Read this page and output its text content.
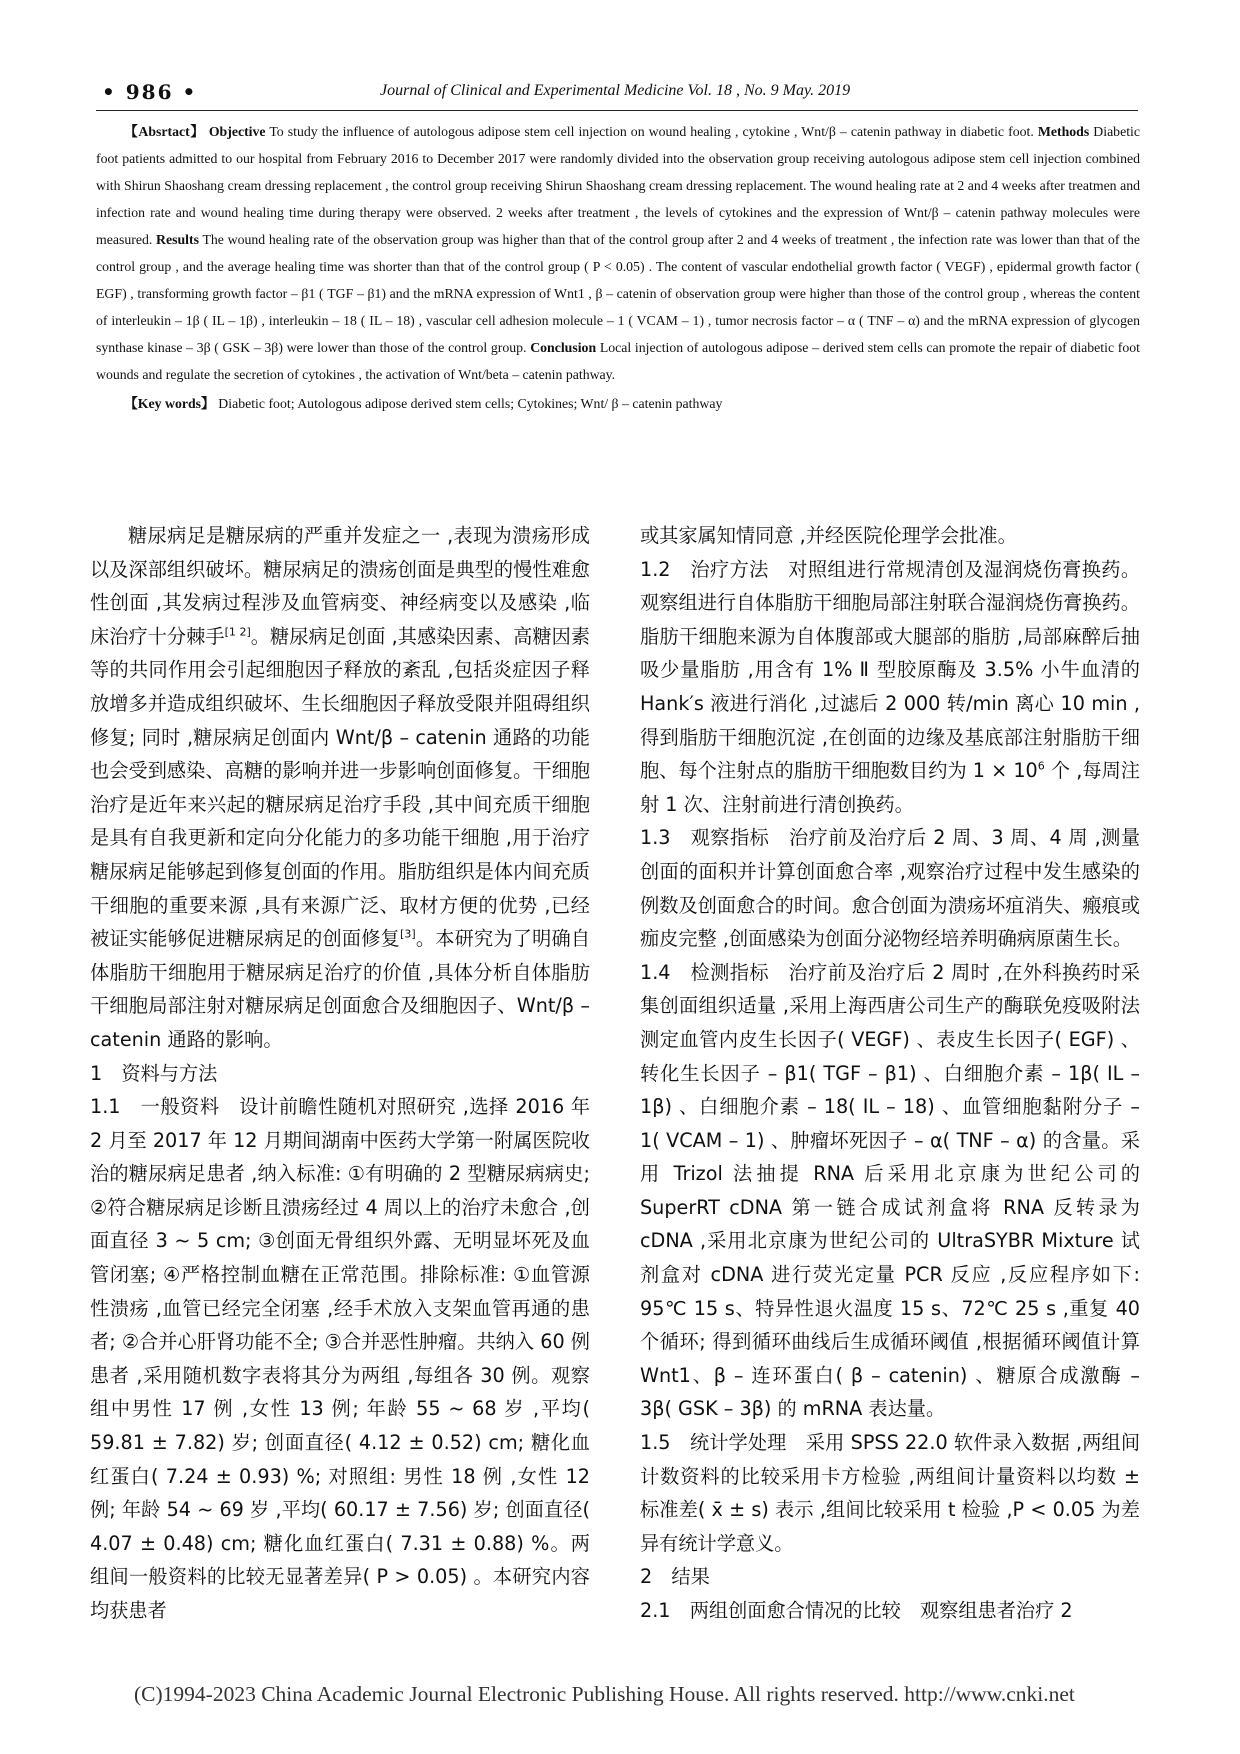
• 986 •	Journal of Clinical and Experimental Medicine Vol. 18 , No. 9 May. 2019

【Absrtact】 Objective To study the influence of autologous adipose stem cell injection on wound healing , cytokine , Wnt/β – catenin pathway in diabetic foot. Methods Diabetic foot patients admitted to our hospital from February 2016 to December 2017 were randomly divided into the observation group receiving autologous adipose stem cell injection combined with Shirun Shaoshang cream dressing replacement , the control group receiving Shirun Shaoshang cream dressing replacement. The wound healing rate at 2 and 4 weeks after treatmen and infection rate and wound healing time during therapy were observed. 2 weeks after treatment , the levels of cytokines and the expression of Wnt/β – catenin pathway molecules were measured. Results The wound healing rate of the observation group was higher than that of the control group after 2 and 4 weeks of treatment , the infection rate was lower than that of the control group , and the average healing time was shorter than that of the control group ( P < 0.05) . The content of vascular endothelial growth factor ( VEGF) , epidermal growth factor ( EGF) , transforming growth factor – β1 ( TGF – β1) and the mRNA expression of Wnt1 , β – catenin of observation group were higher than those of the control group , whereas the content of interleukin – 1β ( IL – 1β) , interleukin – 18 ( IL – 18) , vascular cell adhesion molecule – 1 ( VCAM – 1) , tumor necrosis factor – α ( TNF – α) and the mRNA expression of glycogen synthase kinase – 3β ( GSK – 3β) were lower than those of the control group. Conclusion Local injection of autologous adipose – derived stem cells can promote the repair of diabetic foot wounds and regulate the secretion of cytokines , the activation of Wnt/beta – catenin pathway.

【Key words】 Diabetic foot; Autologous adipose derived stem cells; Cytokines; Wnt/ β – catenin pathway

糖尿病足是糖尿病的严重并发症之一 ,表现为溃疡形成以及深部组织破坏。糖尿病足的溃疡创面是典型的慢性难愈性创面 ,其发病过程涉及血管病变、神经病变以及感染 ,临床治疗十分棘手[1 2]。糖尿病足创面 ,其感染因素、高糖因素等的共同作用会引起细胞因子释放的紊乱 ,包括炎症因子释放增多并造成组织破坏、生长细胞因子释放受限并阻碍组织修复; 同时 ,糖尿病足创面内 Wnt/β – catenin 通路的功能也会受到感染、高糖的影响并进一步影响创面修复。干细胞治疗是近年来兴起的糖尿病足治疗手段 ,其中间充质干细胞是具有自我更新和定向分化能力的多功能干细胞 ,用于治疗糖尿病足能够起到修复创面的作用。脂肪组织是体内间充质干细胞的重要来源 ,具有来源广泛、取材方便的优势 ,已经被证实能够促进糖尿病足的创面修复[3]。本研究为了明确自体脂肪干细胞用于糖尿病足治疗的价值 ,具体分析自体脂肪干细胞局部注射对糖尿病足创面愈合及细胞因子、Wnt/β – catenin 通路的影响。

1　资料与方法

1.1　一般资料　 设计前瞻性随机对照研究 ,选择 2016 年 2 月至 2017 年 12 月期间湖南中医药大学第一附属医院收治的糖尿病足患者 ,纳入标准: ①有明确的 2 型糖尿病病史; ②符合糖尿病足诊断且溃疡经过 4 周以上的治疗未愈合 ,创面直径 3 ~ 5 cm; ③创面无骨组织外露、无明显坏死及血管闭塞; ④严格控制血糖在正常范围。排除标准: ①血管源性溃疡 ,血管已经完全闭塞 ,经手术放入支架血管再通的患者; ②合并心肝肾功能不全; ③合并恶性肿瘤。共纳入 60 例患者 ,采用随机数字表将其分为两组 ,每组各 30 例。观察组中男性 17 例 ,女性 13 例; 年龄 55 ~ 68 岁 ,平均( 59.81 ± 7.82) 岁; 创面直径( 4.12 ± 0.52) cm; 糖化血红蛋白( 7.24 ± 0.93) %; 对照组: 男性 18 例 ,女性 12 例; 年龄 54 ~ 69 岁 ,平均( 60.17 ± 7.56) 岁; 创面直径( 4.07 ± 0.48) cm; 糖化血红蛋白( 7.31 ± 0.88) %。两组间一般资料的比较无显著差异( P > 0.05) 。本研究内容均获患者

或其家属知情同意 ,并经医院伦理学会批准。

1.2　治疗方法　 对照组进行常规清创及湿润烧伤膏换药。观察组进行自体脂肪干细胞局部注射联合湿润烧伤膏换药。脂肪干细胞来源为自体腹部或大腿部的脂肪 ,局部麻醉后抽吸少量脂肪 ,用含有 1% Ⅱ 型胶原酶及 3.5% 小牛血清的 Hank′s 液进行消化 ,过滤后 2 000 转/min 离心 10 min ,得到脂肪干细胞沉淀 ,在创面的边缘及基底部注射脂肪干细胞、每个注射点的脂肪干细胞数目约为 $1 \times 10^6$ 个 ,每周注射 1 次、注射前进行清创换药。

1.3　观察指标　 治疗前及治疗后 2 周、3 周、4 周 ,测量创面的面积并计算创面愈合率 ,观察治疗过程中发生感染的例数及创面愈合的时间。愈合创面为溃疡坏疽消失、瘢痕或痂皮完整 ,创面感染为创面分泌物经培养明确病原菌生长。

1.4　检测指标　 治疗前及治疗后 2 周时 ,在外科换药时采集创面组织适量 ,采用上海西唐公司生产的酶联免疫吸附法测定血管内皮生长因子( VEGF) 、表皮生长因子( EGF) 、转化生长因子 – β1( TGF – β1) 、白细胞介素 – 1β( IL – 1β) 、白细胞介素 – 18( IL – 18) 、血管细胞黏附分子 – 1( VCAM – 1) 、肿瘤坏死因子 – α( TNF – α) 的含量。采用 Trizol 法抽提 RNA 后采用北京康为世纪公司的 SuperRT cDNA 第一链合成试剂盒将 RNA 反转录为 cDNA ,采用北京康为世纪公司的 UltraSYBR Mixture 试剂盒对 cDNA 进行荧光定量 PCR 反应 ,反应程序如下: 95℃ 15 s、特异性退火温度 15 s、72℃ 25 s ,重复 40 个循环; 得到循环曲线后生成循环阈值 ,根据循环阈值计算 Wnt1、β – 连环蛋白( β – catenin) 、糖原合成激酶 – 3β( GSK – 3β) 的 mRNA 表达量。

1.5　统计学处理　 采用 SPSS 22.0 软件录入数据 ,两组间计数资料的比较采用卡方检验 ,两组间计量资料以均数 ± 标准差( x̄ ± s) 表示 ,组间比较采用 t 检验 ,P < 0.05 为差异有统计学意义。

2　结果

2.1　两组创面愈合情况的比较　 观察组患者治疗 2

(C)1994-2023 China Academic Journal Electronic Publishing House. All rights reserved. http://www.cnki.net
